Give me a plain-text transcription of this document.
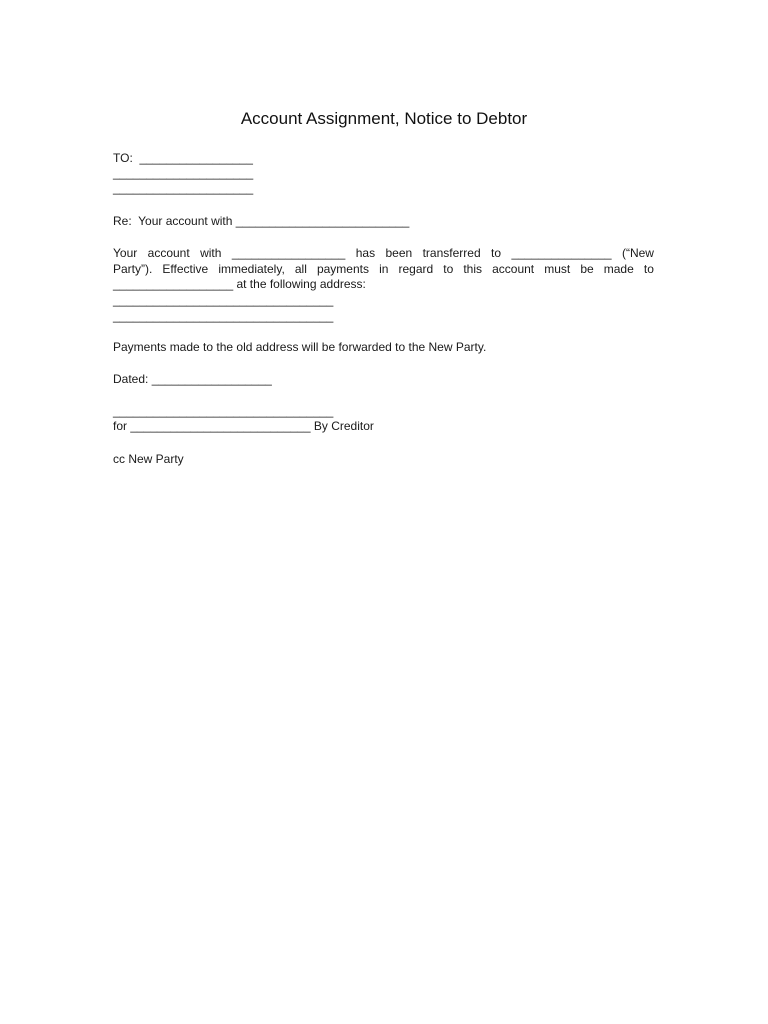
Account Assignment, Notice to Debtor
TO:  _________________
_____________________
_____________________
Re:  Your account with __________________________
Your account with _________________ has been transferred to _______________ (“New
Party”). Effective immediately, all payments in regard to this account must be made to
__________________ at the following address:
_________________________________
_________________________________
Payments made to the old address will be forwarded to the New Party.
Dated: __________________
_________________________________
for ___________________________ By Creditor
cc New Party
